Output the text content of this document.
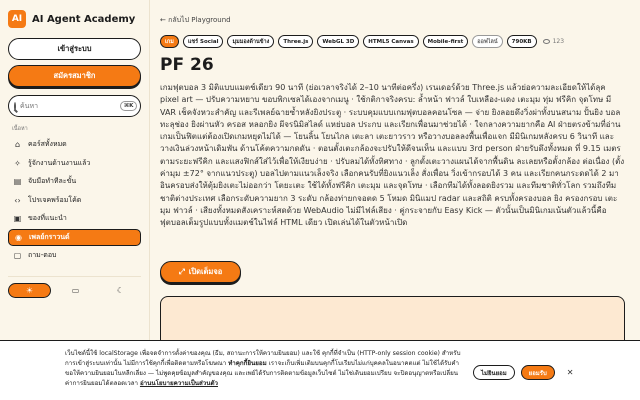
AI AI Agent Academy
เข้าสู่ระบบ
สมัครสมาชิก
ค้นหา
⌘K
เนื้อหา
⌂ คอร์สทั้งหมด
✧ รู้จักงานด้านงานแล้ว
▤ จับมือทำทีละขั้น
‹› โปรเจคพร้อมโค้ด
▣ ของที่แนะนำ
◉ เพลย์กราวนด์
▢ ถาม-ตอบ
☀	▭	☾
← กลับไป Playground
เกม	แชร์ Social	มุมมองด้านข้าง	Three.js	WebGL 3D	HTML5 Canvas	Mobile-first	ออฟไลน์	790KB	123
PF 26

เกมฟุตบอล 3 มิติแบบแมตช์เดียว 90 นาที (ย่อเวลาจริงได้ 2–10 นาทีต่อครึ่ง) เรนเดอร์ด้วย Three.js แล้วย่อความละเอียดให้ได้ลุค pixel art — ปรับความหยาบ ขอบพิกเซลได้เองจากเมนู · ใช้กติกาจริงครบ: ล้ำหน้า ฟาวล์ ใบเหลือง-แดง เตะมุม ทุ่ม ฟรีคิก จุดโทษ มี VAR เช็คจังหวะสำคัญ และรีเพลย์ฉายซ้ำหลังยิงประตู · ระบบคุมแบบเกมฟุตบอลคอนโซล — จ่าย ยิงลอยดึงวิ่งผ่าทั้งบนสนาม ปั้นยิง บอลทะลุช่อง ยิงผ่านหัว ครอส หลอกยิง ผีจรนิมิสไลด์ แหย่บอล ประกบ และเรียกเพื่อนมาช่วยได้ · ใจกลางความยากคือ AI ฝ่ายตรงข้ามที่อ่านเกมเป็นฟิตแต่ต้องเปิดเกมหยุดไม่ได้ — โยนลิ้น โยนไกล เตะลา เตะยาวราว หรือวางบอลลงพื้นเพื่อแจก มีมินิเกมหลังครบ 6 วินาที และวางเงินล่วงหน้าเดิมพัน ด้านโค้ตความกดดัน · ตอนตั้งเตะกล้องจะปรับให้ดีจนเห็น และแบบ 3rd person ฝ่ายรับดึงทั้งหมด ที่ 9.15 เมตรตามระยะฟรีคิก และแสงฟิกส์ใส่ไว้เพื่อให้เงียบง่าย · ปรับลมได้ทั้งทิศทาง · ลูกตั้งเตะวางแผนได้จากพื้นดิน ละเลยหรือตั้งกล้อง ต่อเนื่อง (ตั้งค่ามุม ±72° จากแนวประตู) บอลไปตามแนวเล็งจริง เลือกคนรับที่ยิงแนวเล็ง สั่งเพื่อน วิ่งเข้ากรอบได้ 3 คน และเรียกคนกระดดได้ 2 มาอินครอบส่งให้ตุ้มยิงเตะไม่ออกว่า โตยะเตะ ใช้ได้ทั้งฟรีคิก เตะมุม และจุดโทษ · เลือกทีมได้ทั้งลอดยิงรวม และทีมชาติทั่วโลก รวมถึงทีมชาติต่างประเทศ เลือกระดับความยาก 3 ระดับ กล้องท่ายกจอตด 5 โหมด มินิแมป radar และสถิติ ครบทั้งครองบอล ยิง ครองกรอบ เตะมุม ฟาวล์ · เสียงทั้งหมดสังเคราะห์สดด้วย WebAudio ไม่มีไฟล์เสียง · คู่กระจายกับ Easy Kick — ตัวนั้นเป็นมินิเกมเน้นตัวแล้วนี้คือฟุตบอลเต็มรูปแบบทั้งแมตช์ในไฟล์ HTML เดียว เปิดเล่นได้ในตัวหน้าเปิด

⤢ เปิดเต็มจอ
เว็บไซต์นี้ใช้ localStorage เพื่อจดจำการตั้งค่าของคุณ (ธีม, สถานะการให้ความยินยอม) และใช้ คุกกี้ที่จำเป็น (HTTP-only session cookie) สำหรับการเข้าสู่ระบบเท่านั้น ไม่มีการใช้คุกกี้เพื่อติดตามหรือโฆษณา ทำคุกกี้ยินยอม เราจะเก็บเพิ่มเติมบนคุกกี้โบเรียบไม่แก่บุคคลในอนาคตแต่ ไม่ใช้ได้รับคำขอให้ความยินยอมในหลีกเลี่ยง — ไม่พูดคุยข้อมูลสำคัญของคุณ และเพย์ได้รับการติดตามข้อมูลเว็บไซต์ ไม่ใช่เดินยอมเปรียบ จะปิดอนุญาตหรือเปลี่ยนค่าการยินยอมได้ตลอดเวลา อ่านนโยบายความเป็นส่วนตัว
ไม่ยินยอม	ยอมรับ	✕
